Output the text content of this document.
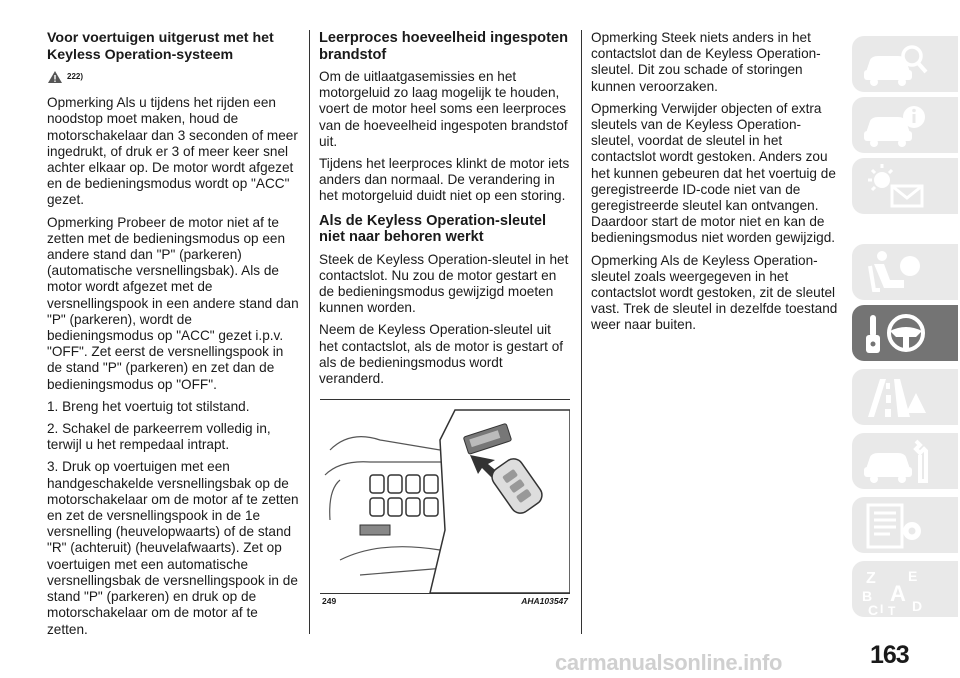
Voor voertuigen uitgerust met het Keyless Operation-systeem

222)

Opmerking Als u tijdens het rijden een noodstop moet maken, houd de motorschakelaar dan 3 seconden of meer ingedrukt, of druk er 3 of meer keer snel achter elkaar op. De motor wordt afgezet en de bedieningsmodus wordt op "ACC" gezet.

Opmerking Probeer de motor niet af te zetten met de bedieningsmodus op een andere stand dan "P" (parkeren) (automatische versnellingsbak). Als de motor wordt afgezet met de versnellingspook in een andere stand dan "P" (parkeren), wordt de bedieningsmodus op "ACC" gezet i.p.v. "OFF". Zet eerst de versnellingspook in de stand "P" (parkeren) en zet dan de bedieningsmodus op "OFF".

1. Breng het voertuig tot stilstand.

2. Schakel de parkeerrem volledig in, terwijl u het rempedaal intrapt.

3. Druk op voertuigen met een handgeschakelde versnellingsbak op de motorschakelaar om de motor af te zetten en zet de versnellingspook in de 1e versnelling (heuvelopwaarts) of de stand "R" (achteruit) (heuvelafwaarts). Zet op voertuigen met een automatische versnellingsbak de versnellingspook in de stand "P" (parkeren) en druk op de motorschakelaar om de motor af te zetten.

Leerproces hoeveelheid ingespoten brandstof

Om de uitlaatgasemissies en het motorgeluid zo laag mogelijk te houden, voert de motor heel soms een leerproces van de hoeveelheid ingespoten brandstof uit.

Tijdens het leerproces klinkt de motor iets anders dan normaal. De verandering in het motorgeluid duidt niet op een storing.

Als de Keyless Operation-sleutel niet naar behoren werkt

Steek de Keyless Operation-sleutel in het contactslot. Nu zou de motor gestart en de bedieningsmodus gewijzigd moeten kunnen worden.

Neem de Keyless Operation-sleutel uit het contactslot, als de motor is gestart of als de bedieningsmodus wordt veranderd.

249	AHA103547

Opmerking Steek niets anders in het contactslot dan de Keyless Operation-sleutel. Dit zou schade of storingen kunnen veroorzaken.

Opmerking Verwijder objecten of extra sleutels van de Keyless Operation-sleutel, voordat de sleutel in het contactslot wordt gestoken. Anders zou het kunnen gebeuren dat het voertuig de geregistreerde ID-code niet van de geregistreerde sleutel kan ontvangen. Daardoor start de motor niet en kan de bedieningsmodus niet worden gewijzigd.

Opmerking Als de Keyless Operation-sleutel zoals weergegeven in het contactslot wordt gestoken, zit de sleutel vast. Trek de sleutel in dezelfde toestand weer naar buiten.

Z E
B A
I
C T D
163
carmanualsonline.info
